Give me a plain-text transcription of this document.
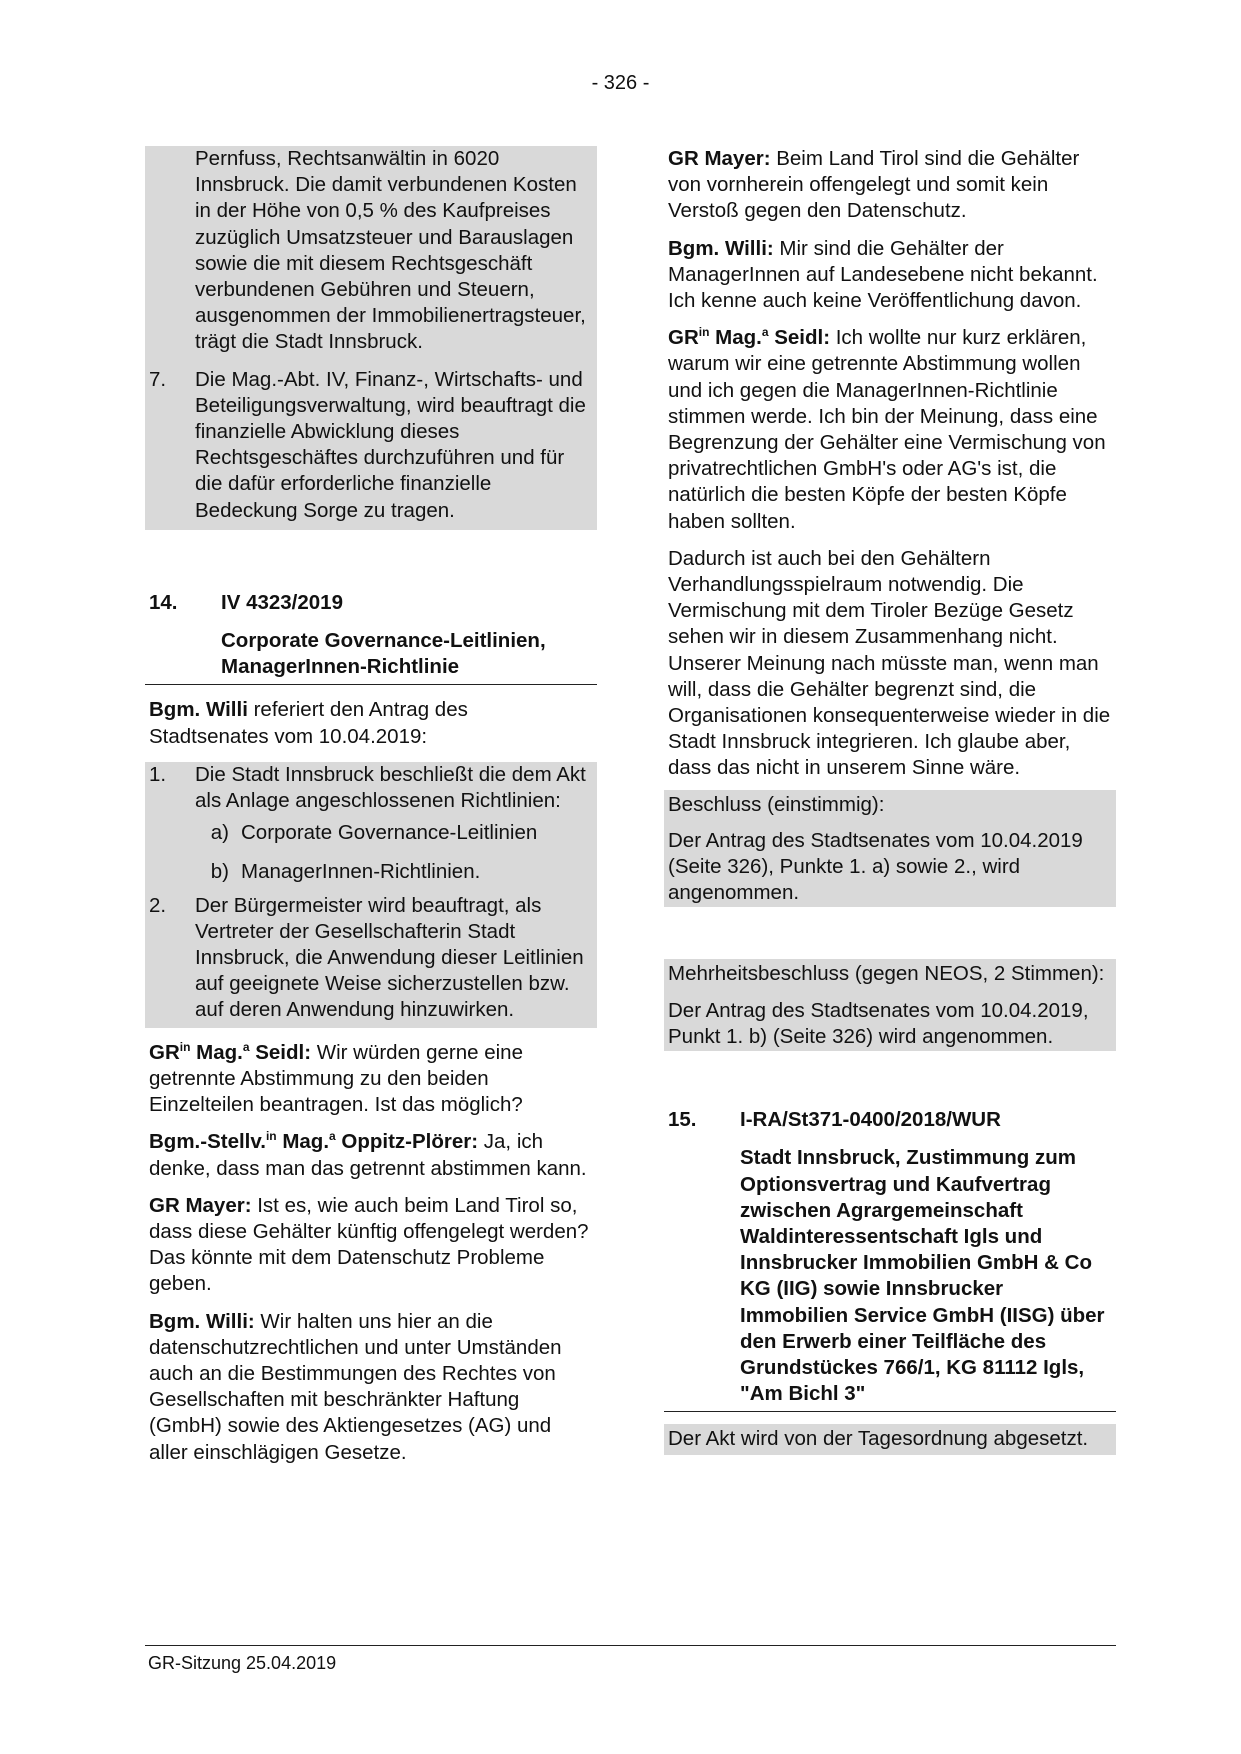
- 326 -
Pernfuss, Rechtsanwältin in 6020 Innsbruck. Die damit verbundenen Kosten in der Höhe von 0,5 % des Kaufpreises zuzüglich Umsatzsteuer und Barauslagen sowie die mit diesem Rechtsgeschäft verbundenen Gebühren und Steuern, ausgenommen der Immobilienertragsteuer, trägt die Stadt Innsbruck.
7.	Die Mag.-Abt. IV, Finanz-, Wirtschafts- und Beteiligungsverwaltung, wird beauftragt die finanzielle Abwicklung dieses Rechtsgeschäftes durchzuführen und für die dafür erforderliche finanzielle Bedeckung Sorge zu tragen.
14.	IV 4323/2019
Corporate Governance-Leitlinien, ManagerInnen-Richtlinie

Bgm. Willi referiert den Antrag des Stadtsenates vom 10.04.2019:

1.	Die Stadt Innsbruck beschließt die dem Akt als Anlage angeschlossenen Richtlinien:
a) Corporate Governance-Leitlinien
b) ManagerInnen-Richtlinien.
2.	Der Bürgermeister wird beauftragt, als Vertreter der Gesellschafterin Stadt Innsbruck, die Anwendung dieser Leitlinien auf geeignete Weise sicherzustellen bzw. auf deren Anwendung hinzuwirken.

$GR^{in}$ Mag.$^a$ Seidl: Wir würden gerne eine getrennte Abstimmung zu den beiden Einzelteilen beantragen. Ist das möglich?

Bgm.-Stellv.$^{in}$ Mag.$^a$ Oppitz-Plörer: Ja, ich denke, dass man das getrennt abstimmen kann.

GR Mayer: Ist es, wie auch beim Land Tirol so, dass diese Gehälter künftig offengelegt werden? Das könnte mit dem Datenschutz Probleme geben.

Bgm. Willi: Wir halten uns hier an die datenschutzrechtlichen und unter Umständen auch an die Bestimmungen des Rechtes von Gesellschaften mit beschränkter Haftung (GmbH) sowie des Aktiengesetzes (AG) und aller einschlägigen Gesetze.

GR Mayer: Beim Land Tirol sind die Gehälter von vornherein offengelegt und somit kein Verstoß gegen den Datenschutz.

Bgm. Willi: Mir sind die Gehälter der ManagerInnen auf Landesebene nicht bekannt. Ich kenne auch keine Veröffentlichung davon.

$GR^{in}$ Mag.$^a$ Seidl: Ich wollte nur kurz erklären, warum wir eine getrennte Abstimmung wollen und ich gegen die ManagerInnen-Richtlinie stimmen werde. Ich bin der Meinung, dass eine Begrenzung der Gehälter eine Vermischung von privatrechtlichen GmbH's oder AG's ist, die natürlich die besten Köpfe der besten Köpfe haben sollten.

Dadurch ist auch bei den Gehältern Verhandlungsspielraum notwendig. Die Vermischung mit dem Tiroler Bezüge Gesetz sehen wir in diesem Zusammenhang nicht. Unserer Meinung nach müsste man, wenn man will, dass die Gehälter begrenzt sind, die Organisationen konsequenterweise wieder in die Stadt Innsbruck integrieren. Ich glaube aber, dass das nicht in unserem Sinne wäre.

Beschluss (einstimmig):

Der Antrag des Stadtsenates vom 10.04.2019 (Seite 326), Punkte 1. a) sowie 2., wird angenommen.

Mehrheitsbeschluss (gegen NEOS, 2 Stimmen):

Der Antrag des Stadtsenates vom 10.04.2019, Punkt 1. b) (Seite 326) wird angenommen.

15.	I-RA/St371-0400/2018/WUR
Stadt Innsbruck, Zustimmung zum Optionsvertrag und Kaufvertrag zwischen Agrargemeinschaft Waldinteressentschaft Igls und Innsbrucker Immobilien GmbH & Co KG (IIG) sowie Innsbrucker Immobilien Service GmbH (IISG) über den Erwerb einer Teilfläche des Grundstückes 766/1, KG 81112 Igls, "Am Bichl 3"

Der Akt wird von der Tagesordnung abgesetzt.

GR-Sitzung 25.04.2019
